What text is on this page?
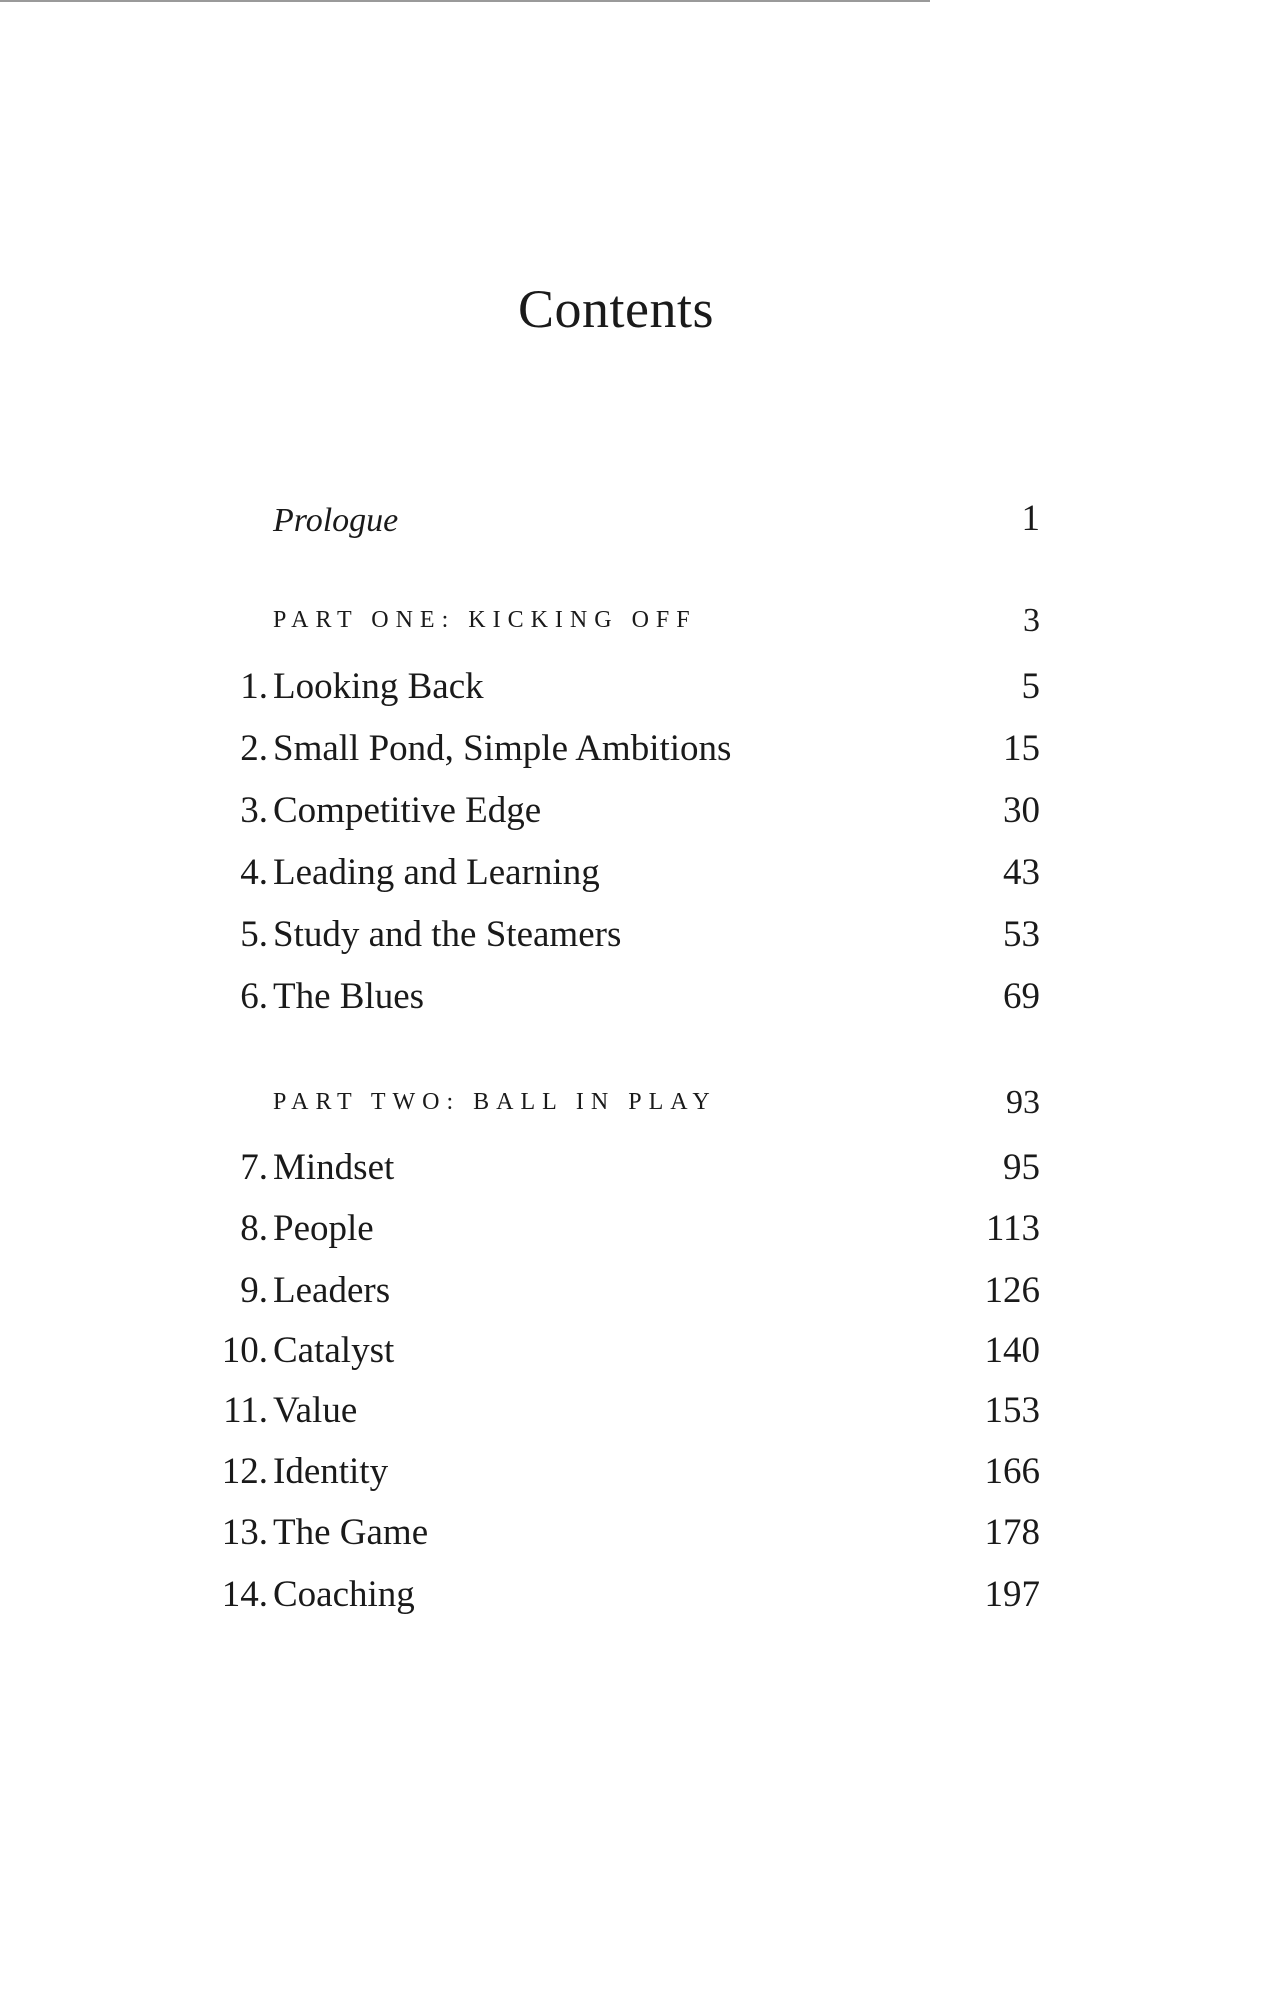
Contents
Prologue	1
PART ONE: KICKING OFF	3
1. Looking Back	5
2. Small Pond, Simple Ambitions	15
3. Competitive Edge	30
4. Leading and Learning	43
5. Study and the Steamers	53
6. The Blues	69
PART TWO: BALL IN PLAY	93
7. Mindset	95
8. People	113
9. Leaders	126
10. Catalyst	140
11. Value	153
12. Identity	166
13. The Game	178
14. Coaching	197
